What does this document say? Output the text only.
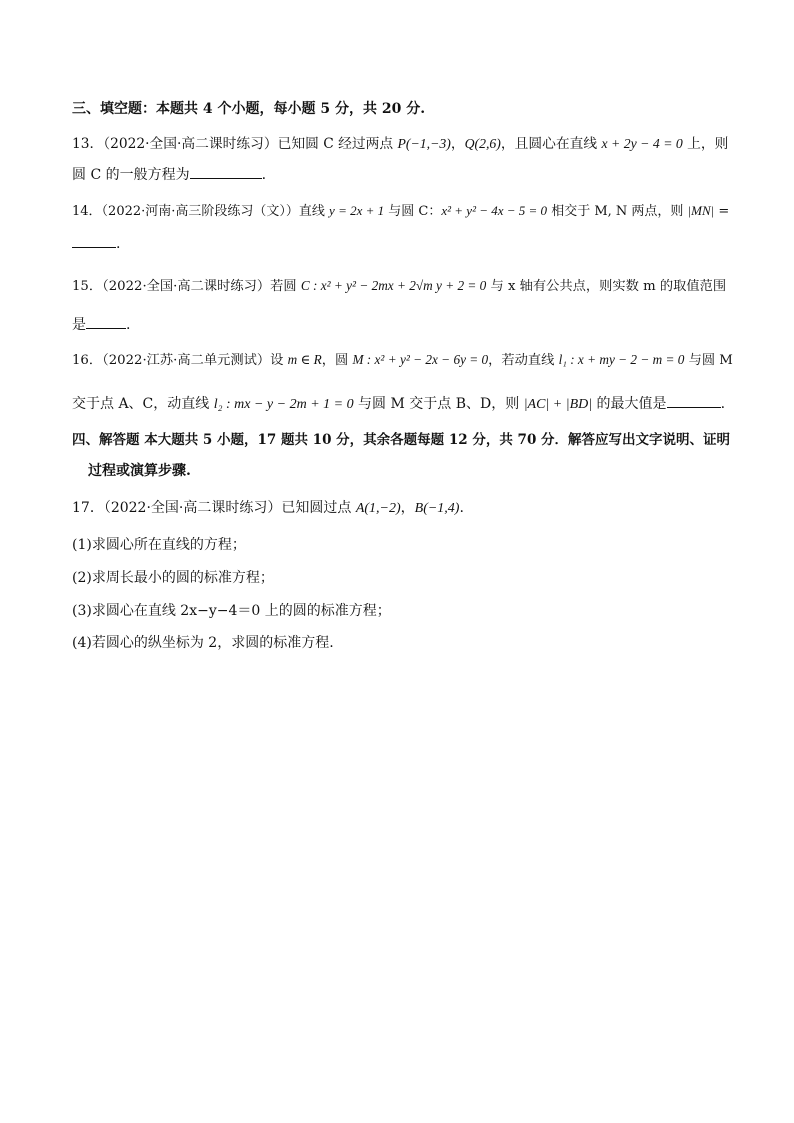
三、填空题：本题共 4 个小题，每小题 5 分，共 20 分.
13．（2022·全国·高二课时练习）已知圆 C 经过两点 P(−1,−3)，Q(2,6)，且圆心在直线 x + 2y − 4 = 0 上，则
圆 C 的一般方程为	.
14．（2022·河南·高三阶段练习（文））直线 y = 2x + 1 与圆 C：x² + y² − 4x − 5 = 0 相交于 M, N 两点，则 |MN| =
.
15．（2022·全国·高二课时练习）若圆 C : x² + y² − 2mx + 2√m y + 2 = 0 与 x 轴有公共点，则实数 m 的取值范围
是	.
16．（2022·江苏·高二单元测试）设 m ∈ R，圆 M : x² + y² − 2x − 6y = 0，若动直线 l₁ : x + my − 2 − m = 0 与圆 M
交于点 A、C，动直线 l₂ : mx − y − 2m + 1 = 0 与圆 M 交于点 B、D，则 |AC| + |BD| 的最大值是	.
四、解答题 本大题共 5 小题，17 题共 10 分，其余各题每题 12 分，共 70 分．解答应写出文字说明、证明
过程或演算步骤.
17．（2022·全国·高二课时练习）已知圆过点 A(1,−2)，B(−1,4).
(1)求圆心所在直线的方程；
(2)求周长最小的圆的标准方程；
(3)求圆心在直线 2x−y−4＝0 上的圆的标准方程；
(4)若圆心的纵坐标为 2，求圆的标准方程.
